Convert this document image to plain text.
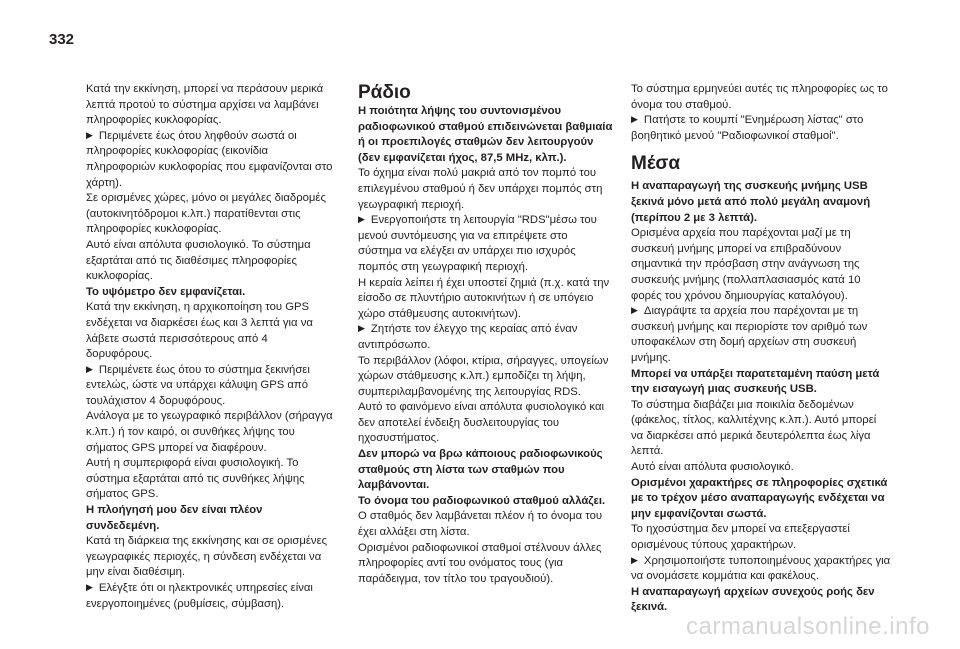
332

Κατά την εκκίνηση, μπορεί να περάσουν μερικά λεπτά προτού το σύστημα αρχίσει να λαμβάνει πληροφορίες κυκλοφορίας.

▶ Περιμένετε έως ότου ληφθούν σωστά οι πληροφορίες κυκλοφορίας (εικονίδια πληροφοριών κυκλοφορίας που εμφανίζονται στο χάρτη).

Σε ορισμένες χώρες, μόνο οι μεγάλες διαδρομές (αυτοκινητόδρομοι κ.λπ.) παρατίθενται στις πληροφορίες κυκλοφορίας.

Αυτό είναι απόλυτα φυσιολογικό. Το σύστημα εξαρτάται από τις διαθέσιμες πληροφορίες κυκλοφορίας.

Το υψόμετρο δεν εμφανίζεται.

Κατά την εκκίνηση, η αρχικοποίηση του GPS ενδέχεται να διαρκέσει έως και 3 λεπτά για να λάβετε σωστά περισσότερους από 4 δορυφόρους.

▶ Περιμένετε έως ότου το σύστημα ξεκινήσει εντελώς, ώστε να υπάρχει κάλυψη GPS από τουλάχιστον 4 δορυφόρους.

Ανάλογα με το γεωγραφικό περιβάλλον (σήραγγα κ.λπ.) ή τον καιρό, οι συνθήκες λήψης του σήματος GPS μπορεί να διαφέρουν.

Αυτή η συμπεριφορά είναι φυσιολογική. Το σύστημα εξαρτάται από τις συνθήκες λήψης σήματος GPS.

Η πλοήγησή μου δεν είναι πλέον συνδεδεμένη.

Κατά τη διάρκεια της εκκίνησης και σε ορισμένες γεωγραφικές περιοχές, η σύνδεση ενδέχεται να μην είναι διαθέσιμη.

▶ Ελέγξτε ότι οι ηλεκτρονικές υπηρεσίες είναι ενεργοποιημένες (ρυθμίσεις, σύμβαση).

Ράδιο

Η ποιότητα λήψης του συντονισμένου ραδιοφωνικού σταθμού επιδεινώνεται βαθμιαία ή οι προεπιλογές σταθμών δεν λειτουργούν (δεν εμφανίζεται ήχος, 87,5 MHz, κλπ.).

Το όχημα είναι πολύ μακριά από τον πομπό του επιλεγμένου σταθμού ή δεν υπάρχει πομπός στη γεωγραφική περιοχή.

▶ Ενεργοποιήστε τη λειτουργία "RDS"μέσω του μενού συντόμευσης για να επιτρέψετε στο σύστημα να ελέγξει αν υπάρχει πιο ισχυρός πομπός στη γεωγραφική περιοχή.

Η κεραία λείπει ή έχει υποστεί ζημιά (π.χ. κατά την είσοδο σε πλυντήριο αυτοκινήτων ή σε υπόγειο χώρο στάθμευσης αυτοκινήτων).

▶ Ζητήστε τον έλεγχο της κεραίας από έναν αντιπρόσωπο.

Το περιβάλλον (λόφοι, κτίρια, σήραγγες, υπογείων χώρων στάθμευσης κ.λπ.) εμποδίζει τη λήψη, συμπεριλαμβανομένης της λειτουργίας RDS.

Αυτό το φαινόμενο είναι απόλυτα φυσιολογικό και δεν αποτελεί ένδειξη δυσλειτουργίας του ηχοσυστήματος.

Δεν μπορώ να βρω κάποιους ραδιοφωνικούς σταθμούς στη λίστα των σταθμών που λαμβάνονται.

Το όνομα του ραδιοφωνικού σταθμού αλλάζει.

Ο σταθμός δεν λαμβάνεται πλέον ή το όνομα του έχει αλλάξει στη λίστα.

Ορισμένοι ραδιοφωνικοί σταθμοί στέλνουν άλλες πληροφορίες αντί του ονόματος τους (για παράδειγμα, τον τίτλο του τραγουδιού).

Το σύστημα ερμηνεύει αυτές τις πληροφορίες ως το όνομα του σταθμού.

▶ Πατήστε το κουμπί "Ενημέρωση λίστας" στο βοηθητικό μενού "Ραδιοφωνικοί σταθμοί".

Μέσα

Η αναπαραγωγή της συσκευής μνήμης USB ξεκινά μόνο μετά από πολύ μεγάλη αναμονή (περίπου 2 με 3 λεπτά).

Ορισμένα αρχεία που παρέχονται μαζί με τη συσκευή μνήμης μπορεί να επιβραδύνουν σημαντικά την πρόσβαση στην ανάγνωση της συσκευής μνήμης (πολλαπλασιασμός κατά 10 φορές του χρόνου δημιουργίας καταλόγου).

▶ Διαγράψτε τα αρχεία που παρέχονται με τη συσκευή μνήμης και περιορίστε τον αριθμό των υποφακέλων στη δομή αρχείων στη συσκευή μνήμης.

Μπορεί να υπάρξει παρατεταμένη παύση μετά την εισαγωγή μιας συσκευής USB.

Το σύστημα διαβάζει μια ποικιλία δεδομένων (φάκελος, τίτλος, καλλιτέχνης κ.λπ.). Αυτό μπορεί να διαρκέσει από μερικά δευτερόλεπτα έως λίγα λεπτά.

Αυτό είναι απόλυτα φυσιολογικό.

Ορισμένοι χαρακτήρες σε πληροφορίες σχετικά με το τρέχον μέσο αναπαραγωγής ενδέχεται να μην εμφανίζονται σωστά.

Το ηχοσύστημα δεν μπορεί να επεξεργαστεί ορισμένους τύπους χαρακτήρων.

▶ Χρησιμοποιήστε τυποποιημένους χαρακτήρες για να ονομάσετε κομμάτια και φακέλους.

Η αναπαραγωγή αρχείων συνεχούς ροής δεν ξεκινά.

carmanualsonline.info
